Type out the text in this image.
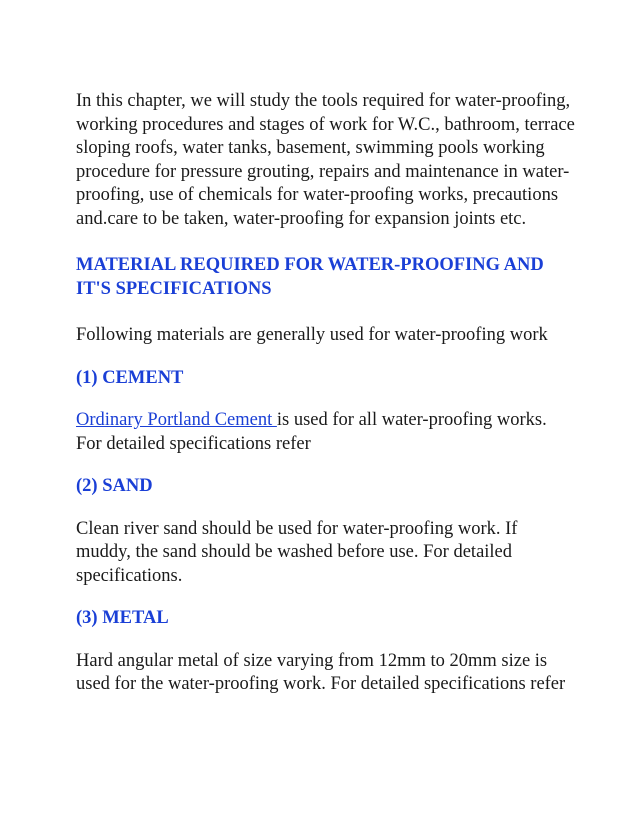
In this chapter, we will study the tools required for water-proofing, working procedures and stages of work for W.C., bathroom, terrace sloping roofs, water tanks, basement, swimming pools working procedure for pressure grouting, repairs and maintenance in water-proofing, use of chemicals for water-proofing works, precautions and.care to be taken, water-proofing for expansion joints etc.

MATERIAL REQUIRED FOR WATER-PROOFING AND IT'S SPECIFICATIONS

Following materials are generally used for water-proofing work

(1) CEMENT

Ordinary Portland Cement is used for all water-proofing works. For detailed specifications refer

(2) SAND

Clean river sand should be used for water-proofing work. If muddy, the sand should be washed before use. For detailed specifications.

(3) METAL

Hard angular metal of size varying from 12mm to 20mm size is used for the water-proofing work. For detailed specifications refer
